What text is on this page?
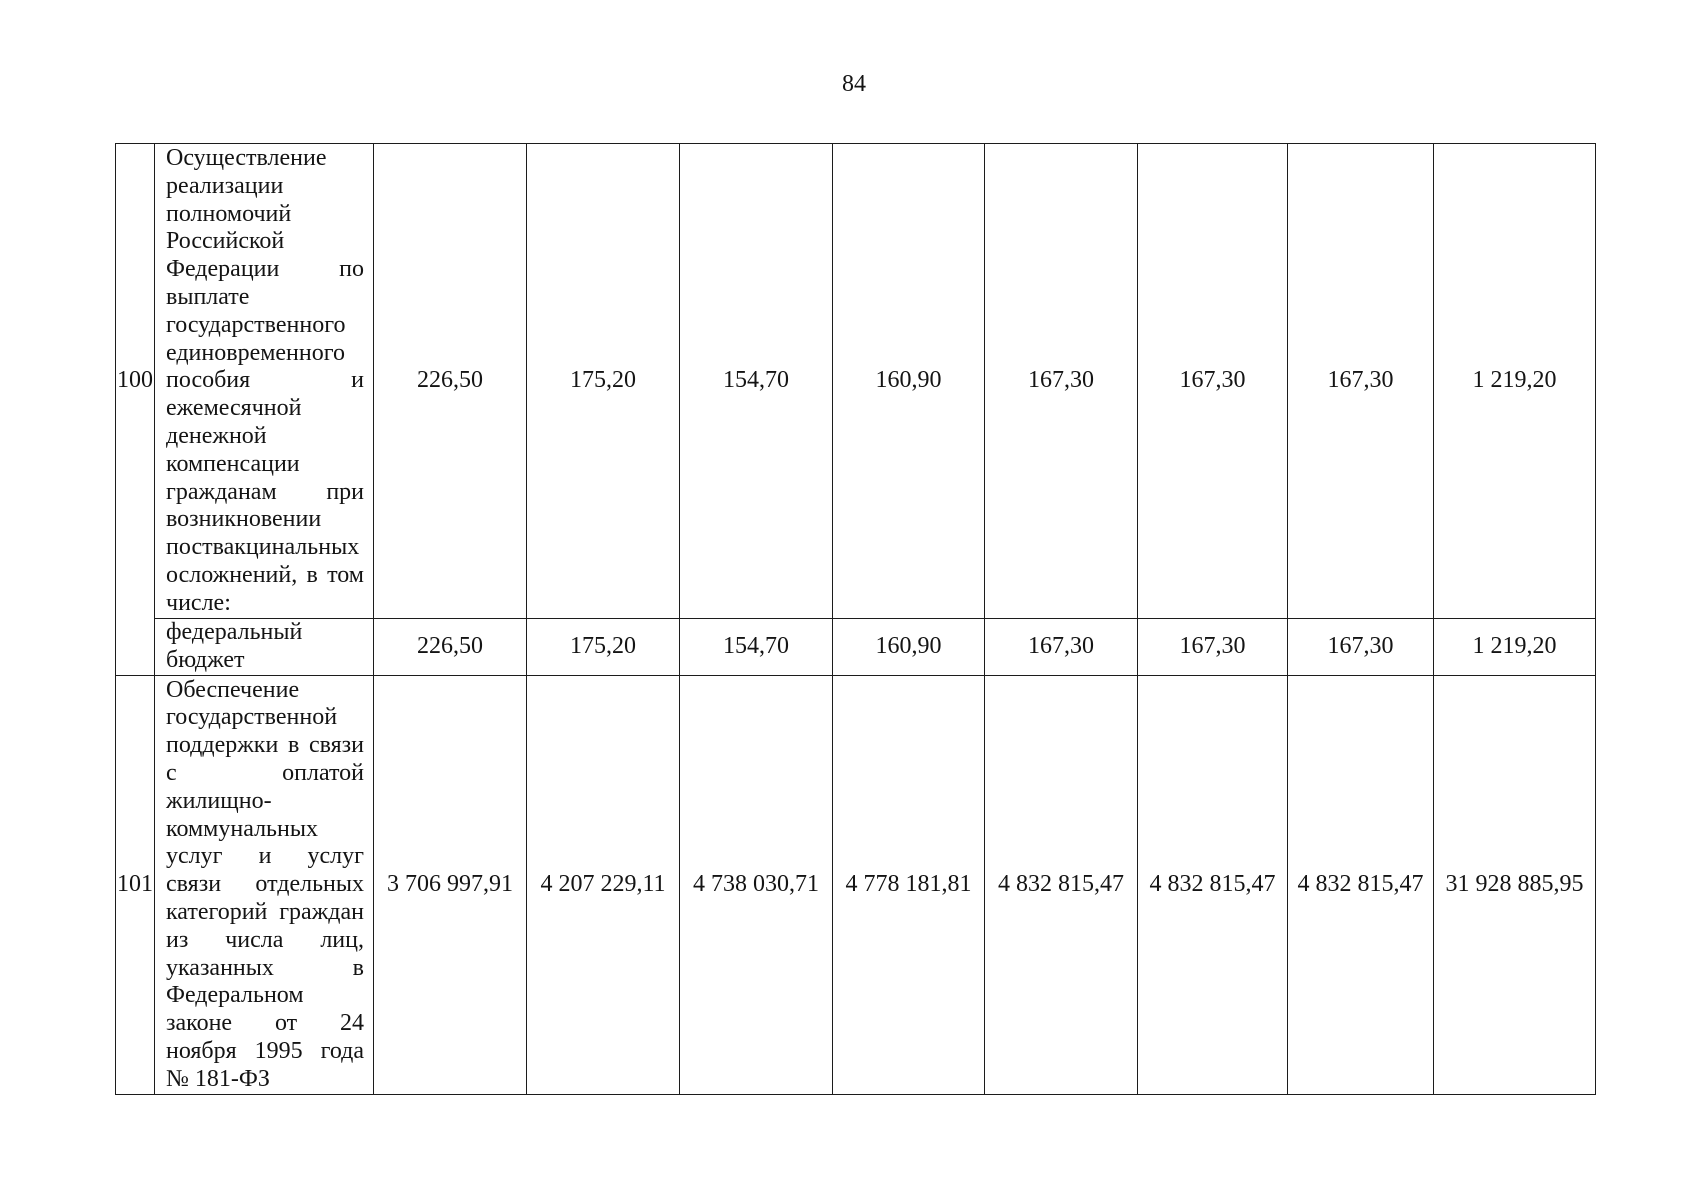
84
100	Осуществление реализации полномочий Российской Федерации по выплате государственного единовременного пособия и ежемесячной денежной компенсации гражданам при возникновении поствакцинальных осложнений, в том числе:	226,50	175,20	154,70	160,90	167,30	167,30	167,30	1 219,20
	федеральный бюджет	226,50	175,20	154,70	160,90	167,30	167,30	167,30	1 219,20
101	Обеспечение государственной поддержки в связи с оплатой жилищно-коммунальных услуг и услуг связи отдельных категорий граждан из числа лиц, указанных в Федеральном законе от 24 ноября 1995 года № 181-ФЗ	3 706 997,91	4 207 229,11	4 738 030,71	4 778 181,81	4 832 815,47	4 832 815,47	4 832 815,47	31 928 885,95
